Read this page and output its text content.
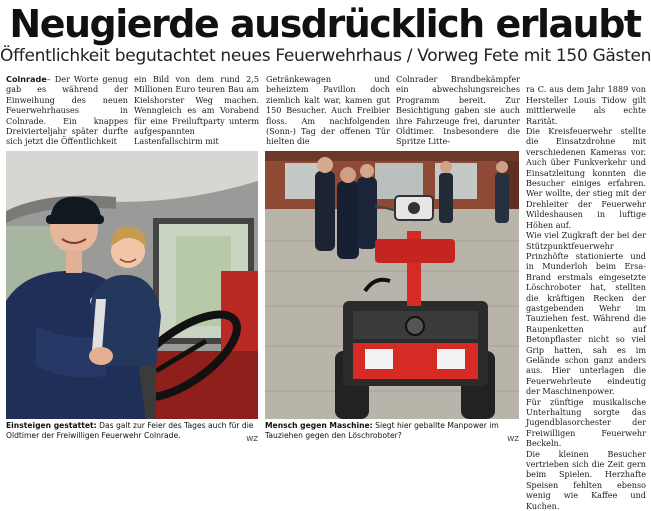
Neugierde ausdrücklich erlaubt
Öffentlichkeit begutachtet neues Feuerwehrhaus / Vorweg Fete mit 150 Gästen
Colnrade– Der Worte genug gab es während der Einweihung des neuen Feuerwehrhauses in Colnrade. Ein knappes Dreivierteljahr später durfte sich jetzt die Öffentlichkeit
ein Bild von dem rund 2,5 Millionen Euro teuren Bau am Kielshorster Weg machen. Wenngleich es am Vorabend für eine Freiluftparty unterm aufgespannten Lastenfallschirm mit
Getränkewagen und beheiztem Pavillon doch ziemlich kalt war, kamen gut 150 Besucher. Auch Freibier floss. Am nachfolgenden (Sonn-) Tag der offenen Tür hielten die
Colnrader Brandbekämpfer ein abwechslungsreiches Programm bereit. Zur Besichtigung gaben sie auch ihre Fahrzeuge frei, darunter Oldtimer. Insbesondere die Spritze Litte-

ra C. aus dem Jahr 1889 von Hersteller Louis Tidow gilt mittlerweile als echte Rarität.
Die Kreisfeuerwehr stellte die Einsatzdrohne mit verschiedenen Kameras vor. Auch über Funkverkehr und Einsatzleitung konnten die Besucher einiges erfahren. Wer wollte, der stieg mit der Drehleiter der Feuerwehr Wildeshausen in luftige Höhen auf.
Wie viel Zugkraft der bei der Stützpunktfeuerwehr Prinzhöfte stationierte und in Munderloh beim Ersa-Brand erstmals eingesetzte Löschroboter hat, stellten die kräftigen Recken der gastgebenden Wehr im Tauziehen fest. Während die Raupenketten auf Betonpflaster nicht so viel Grip hatten, sah es im Gelände schon ganz anders aus. Hier unterlagen die Feuerwehrleute eindeutig der Maschinenpower.
Für zünftige musikalische Unterhaltung sorgte das Jugendblasorchester der Freiwilligen Feuerwehr Beckeln.
Die kleinen Besucher vertrieben sich die Zeit gern beim Spielen. Herzhafte Speisen fehlten ebenso wenig wie Kaffee und Kuchen.

Einsteigen gestattet: Das galt zur Feier des Tages auch für die Oldtimer der Freiwilligen Feuerwehr Colnrade.	WZ
Mensch gegen Maschine: Siegt hier geballte Manpower im Tauziehen gegen den Löschroboter?	WZ
